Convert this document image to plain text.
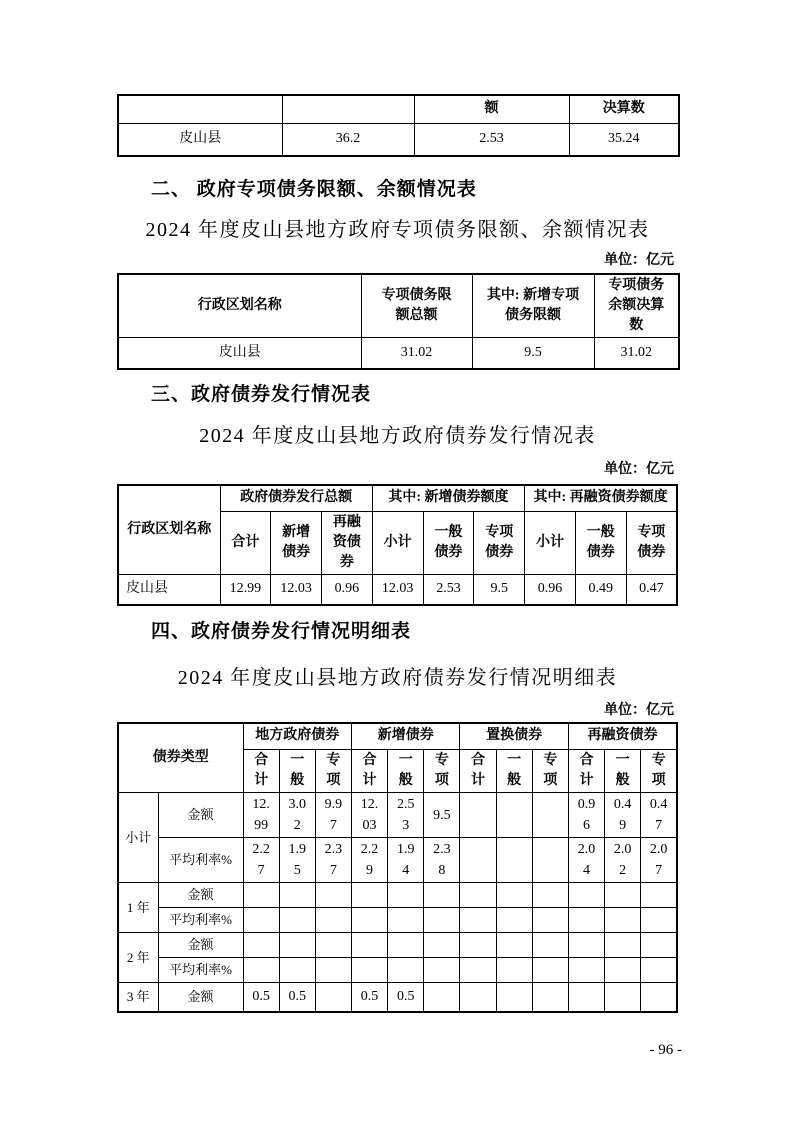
		额	决算数
皮山县	36.2	2.53	35.24

二、 政府专项债务限额、余额情况表

2024 年度皮山县地方政府专项债务限额、余额情况表

单位：亿元

行政区划名称	专项债务限额总额	其中: 新增专项债务限额	专项债务余额决算数
皮山县	31.02	9.5	31.02

三、政府债券发行情况表

2024 年度皮山县地方政府债券发行情况表

单位：亿元

行政区划名称	政府债券发行总额			其中: 新增债券额度			其中: 再融资债券额度		
	合计	新增债券	再融资债券	小计	一般债券	专项债券	小计	一般债券	专项债券
皮山县	12.99	12.03	0.96	12.03	2.53	9.5	0.96	0.49	0.47

四、政府债券发行情况明细表

2024 年度皮山县地方政府债券发行情况明细表

单位：亿元

债券类型		地方政府债券			新增债券			置换债券			再融资债券		
		合计	一般	专项	合计	一般	专项	合计	一般	专项	合计	一般	专项
小计	金额	12.99	3.02	9.97	12.03	2.53	9.5				0.96	0.49	0.47
	平均利率%	2.27	1.95	2.37	2.29	1.94	2.38				2.04	2.02	2.07
1 年	金额												
	平均利率%												
2 年	金额												
	平均利率%												
3 年	金额	0.5	0.5		0.5	0.5							
- 96 -
